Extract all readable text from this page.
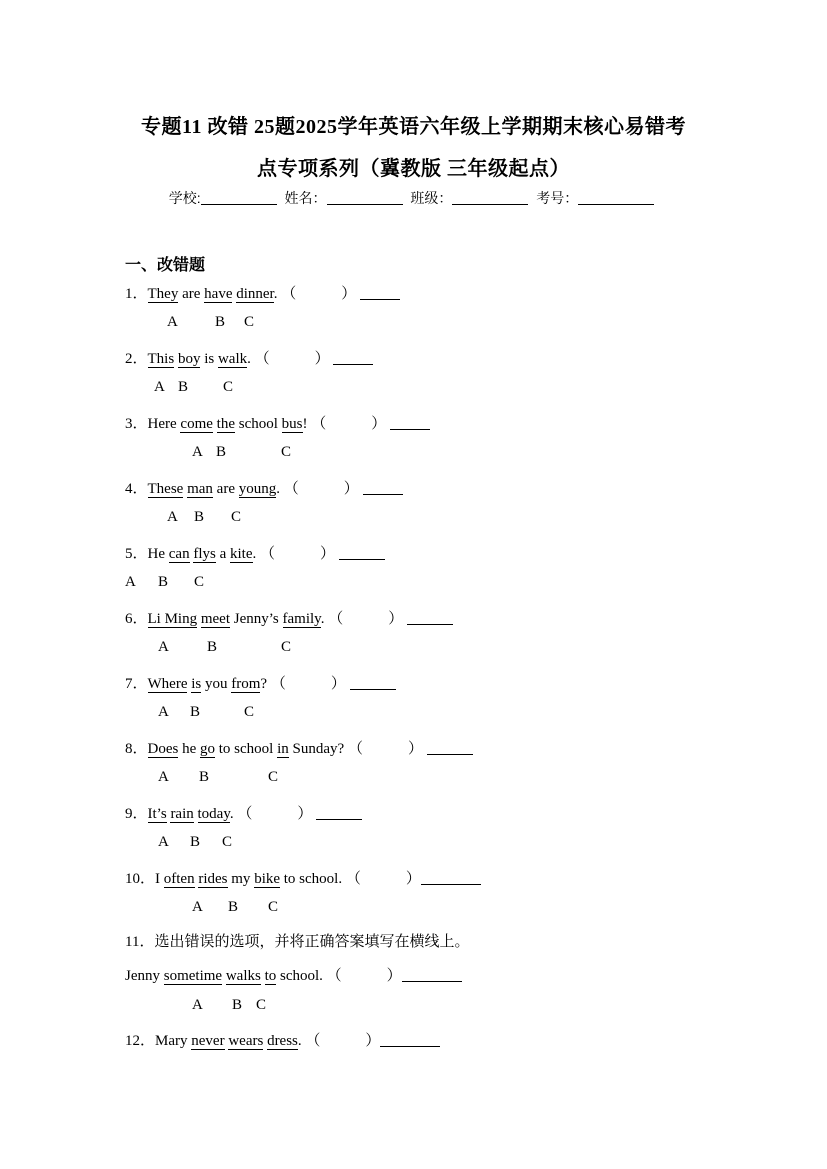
专题11 改错 25题2025学年英语六年级上学期期末核心易错考
点专项系列（冀教版 三年级起点）
学校:	姓名：	班级：	考号：
一、改错题
1．They are have dinner. （　　　）
A B C
2．This boy is walk. （　　　）
A B C
3．Here come the school bus! （　　　）
A B	C
4．These man are young. （　　　）
A B C
5．He can flys a kite. （　　　）
A B C
6．Li Ming meet Jenny’s family. （　　　）
A	B	C
7．Where is you from? （　　　）
A B	C
8．Does he go to school in Sunday? （　　　）
A B	C
9．It’s rain today. （　　　）
A B C
10．I often rides my bike to school. （　　　）
A B C
11．选出错误的选项，并将正确答案填写在横线上。
Jenny sometime walks to school. （　　　）
A B C
12．Mary never wears dress. （　　　）
